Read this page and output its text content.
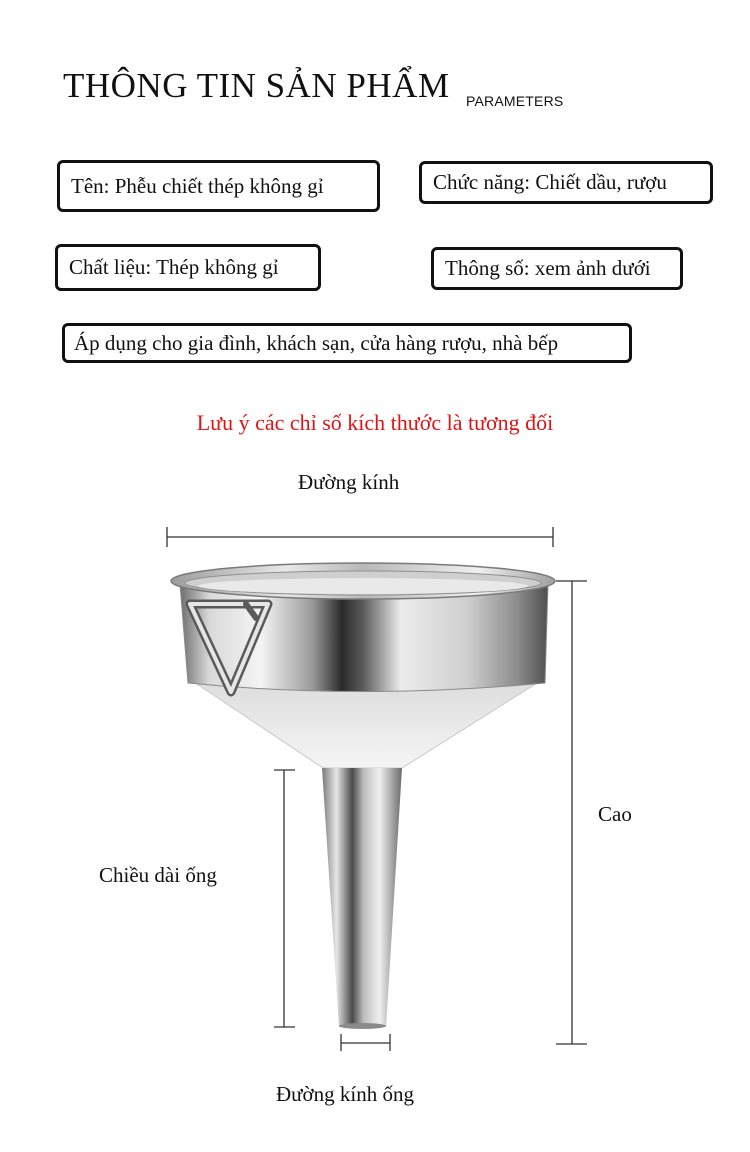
THÔNG TIN SẢN PHẨM PARAMETERS
Tên: Phễu chiết thép không gỉ	Chức năng: Chiết dầu, rượu
Chất liệu: Thép không gỉ	Thông số: xem ảnh dưới
Áp dụng cho gia đình, khách sạn, cửa hàng rượu, nhà bếp
Lưu ý các chỉ số kích thước là tương đối
Đường kính
Cao
Chiều dài ống
Đường kính ống
